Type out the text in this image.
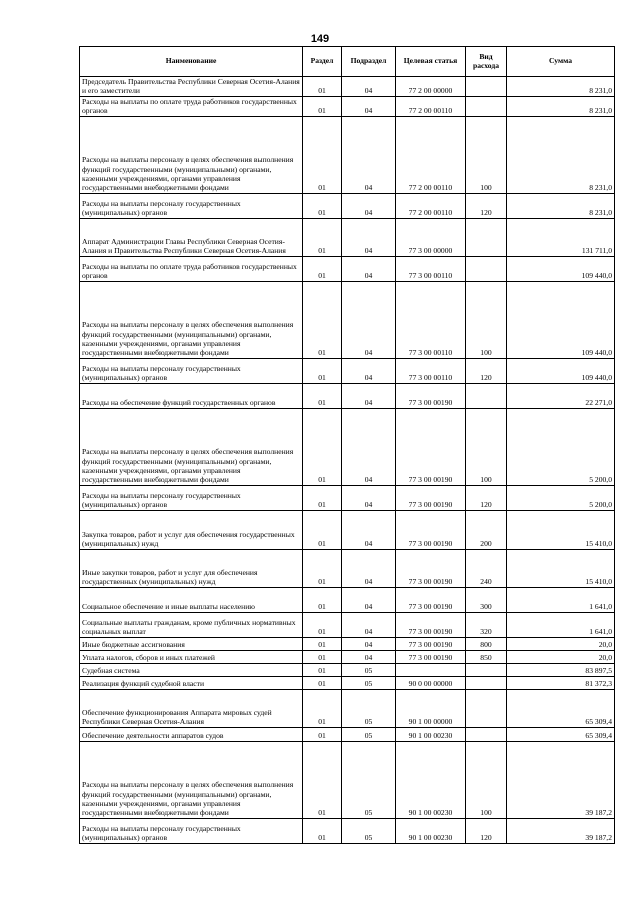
149
Наименование	Раздел	Подраздел	Целевая статья	Вид расхода	Сумма
Председатель Правительства Республики Северная Осетия-Алания и его заместители	01	04	77 2 00 00000		8 231,0
Расходы на выплаты по оплате труда работников государственных органов	01	04	77 2 00 00110		8 231,0
Расходы на выплаты персоналу в целях обеспечения выполнения функций государственными (муниципальными) органами, казенными учреждениями, органами управления государственными внебюджетными фондами	01	04	77 2 00 00110	100	8 231,0
Расходы на выплаты персоналу государственных (муниципальных) органов	01	04	77 2 00 00110	120	8 231,0
Аппарат Администрации Главы Республики Северная Осетия-Алания и Правительства Республики Северная Осетия-Алания	01	04	77 3 00 00000		131 711,0
Расходы на выплаты по оплате труда работников государственных органов	01	04	77 3 00 00110		109 440,0
Расходы на выплаты персоналу в целях обеспечения выполнения функций государственными (муниципальными) органами, казенными учреждениями, органами управления государственными внебюджетными фондами	01	04	77 3 00 00110	100	109 440,0
Расходы на выплаты персоналу государственных (муниципальных) органов	01	04	77 3 00 00110	120	109 440,0
Расходы на обеспечение функций государственных органов	01	04	77 3 00 00190		22 271,0
Расходы на выплаты персоналу в целях обеспечения выполнения функций государственными (муниципальными) органами, казенными учреждениями, органами управления государственными внебюджетными фондами	01	04	77 3 00 00190	100	5 200,0
Расходы на выплаты персоналу государственных (муниципальных) органов	01	04	77 3 00 00190	120	5 200,0
Закупка товаров, работ и услуг для обеспечения государственных (муниципальных) нужд	01	04	77 3 00 00190	200	15 410,0
Иные закупки товаров, работ и услуг для обеспечения государственных (муниципальных) нужд	01	04	77 3 00 00190	240	15 410,0
Социальное обеспечение и иные выплаты населению	01	04	77 3 00 00190	300	1 641,0
Социальные выплаты гражданам, кроме публичных нормативных социальных выплат	01	04	77 3 00 00190	320	1 641,0
Иные бюджетные ассигнования	01	04	77 3 00 00190	800	20,0
Уплата налогов, сборов и иных платежей	01	04	77 3 00 00190	850	20,0
Судебная система	01	05			83 897,5
Реализация функций судебной власти	01	05	90 0 00 00000		81 372,3
Обеспечение функционирования Аппарата мировых судей Республики Северная Осетия-Алания	01	05	90 1 00 00000		65 309,4
Обеспечение деятельности аппаратов судов	01	05	90 1 00 00230		65 309,4
Расходы на выплаты персоналу в целях обеспечения выполнения функций государственными (муниципальными) органами, казенными учреждениями, органами управления государственными внебюджетными фондами	01	05	90 1 00 00230	100	39 187,2
Расходы на выплаты персоналу государственных (муниципальных) органов	01	05	90 1 00 00230	120	39 187,2
